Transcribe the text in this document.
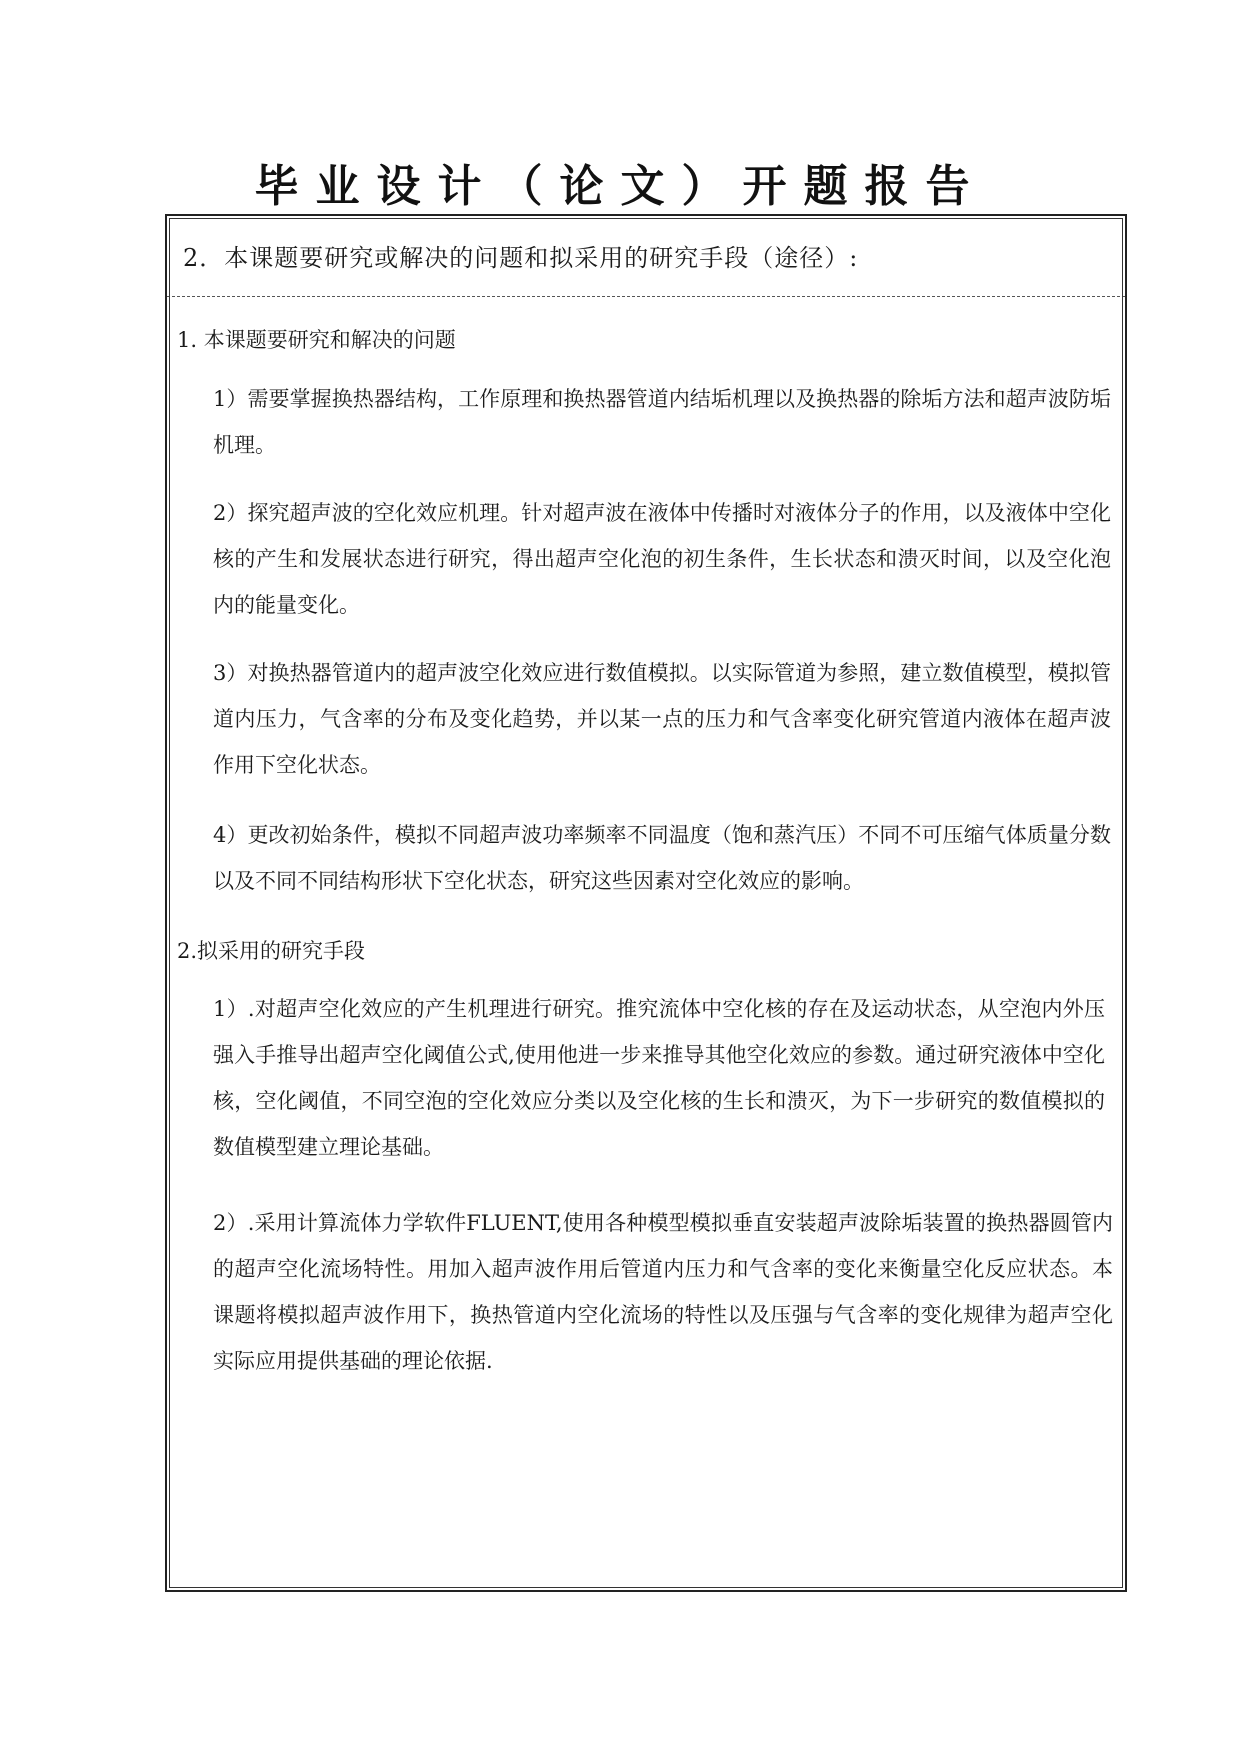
毕业设计（论文）开题报告
2．本课题要研究或解决的问题和拟采用的研究手段（途径）:
1. 本课题要研究和解决的问题
1）需要掌握换热器结构，工作原理和换热器管道内结垢机理以及换热器的除垢方法和超声波防垢机理。
2）探究超声波的空化效应机理。针对超声波在液体中传播时对液体分子的作用，以及液体中空化核的产生和发展状态进行研究，得出超声空化泡的初生条件，生长状态和溃灭时间，以及空化泡内的能量变化。
3）对换热器管道内的超声波空化效应进行数值模拟。以实际管道为参照，建立数值模型，模拟管道内压力，气含率的分布及变化趋势，并以某一点的压力和气含率变化研究管道内液体在超声波作用下空化状态。
4）更改初始条件，模拟不同超声波功率频率不同温度（饱和蒸汽压）不同不可压缩气体质量分数以及不同不同结构形状下空化状态，研究这些因素对空化效应的影响。
2.拟采用的研究手段
1）.对超声空化效应的产生机理进行研究。推究流体中空化核的存在及运动状态，从空泡内外压强入手推导出超声空化阈值公式,使用他进一步来推导其他空化效应的参数。通过研究液体中空化核，空化阈值，不同空泡的空化效应分类以及空化核的生长和溃灭，为下一步研究的数值模拟的数值模型建立理论基础。
2）.采用计算流体力学软件FLUENT,使用各种模型模拟垂直安装超声波除垢装置的换热器圆管内的超声空化流场特性。用加入超声波作用后管道内压力和气含率的变化来衡量空化反应状态。本课题将模拟超声波作用下，换热管道内空化流场的特性以及压强与气含率的变化规律为超声空化实际应用提供基础的理论依据.
